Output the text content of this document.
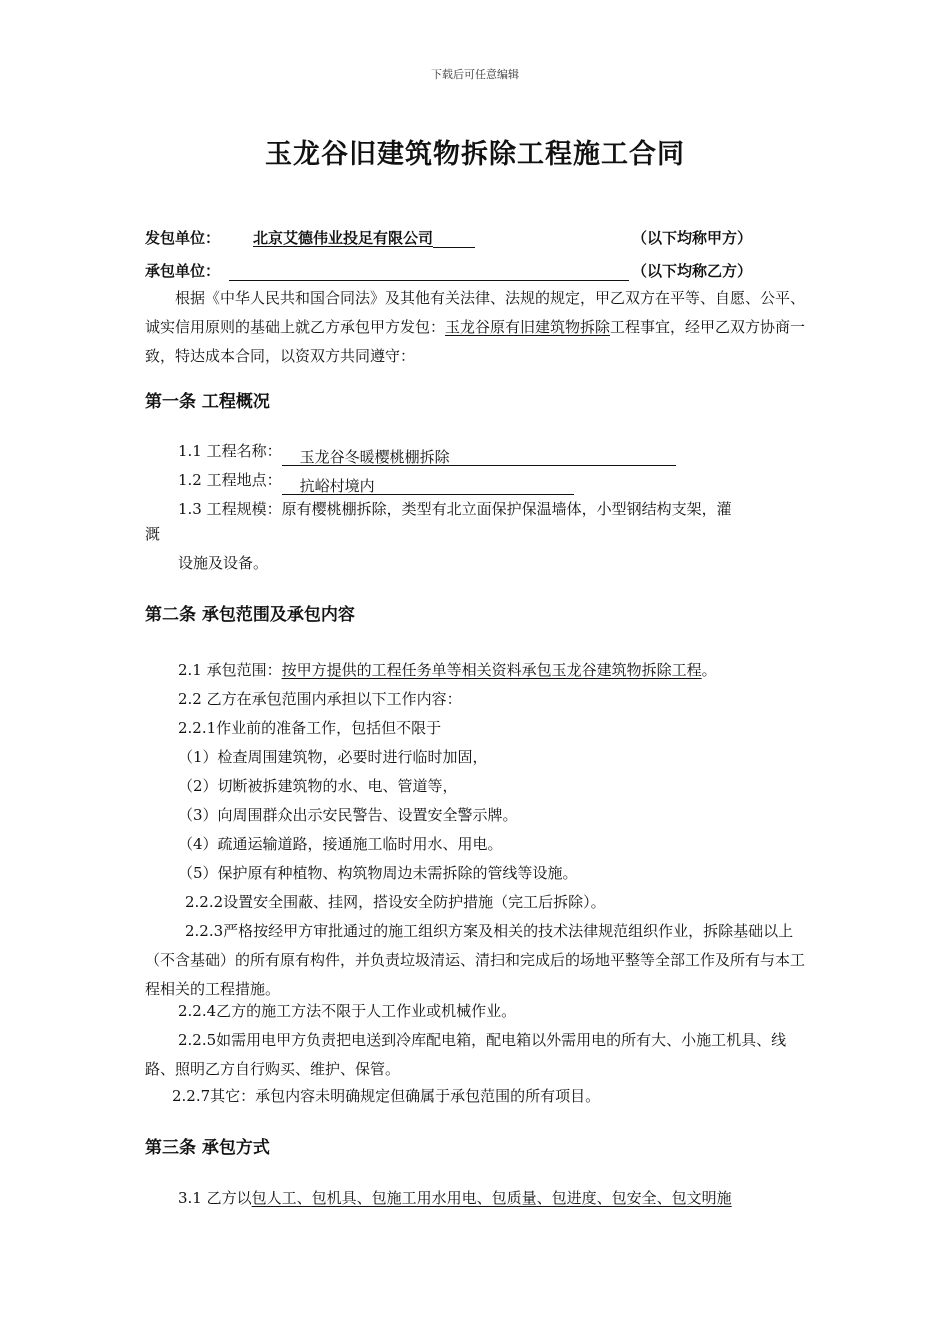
下载后可任意编辑
玉龙谷旧建筑物拆除工程施工合同
发包单位： 北京艾德伟业投足有限公司	（以下均称甲方）
承包单位：	（以下均称乙方）
根据《中华人民共和国合同法》及其他有关法律、法规的规定，甲乙双方在平等、自愿、公平、诚实信用原则的基础上就乙方承包甲方发包：玉龙谷原有旧建筑物拆除工程事宜，经甲乙双方协商一致，特达成本合同，以资双方共同遵守：
第一条 工程概况
1.1 工程名称： 玉龙谷冬暖樱桃棚拆除
1.2 工程地点： 抗峪村境内
1.3 工程规模：原有樱桃棚拆除，类型有北立面保护保温墙体，小型钢结构支架，灌
溉
设施及设备。
第二条 承包范围及承包内容
2.1 承包范围：按甲方提供的工程任务单等相关资料承包玉龙谷建筑物拆除工程。
2.2 乙方在承包范围内承担以下工作内容：
2.2.1作业前的准备工作，包括但不限于
（1）检查周围建筑物，必要时进行临时加固，
（2）切断被拆建筑物的水、电、管道等，
（3）向周围群众出示安民警告、设置安全警示牌。
（4）疏通运输道路，接通施工临时用水、用电。
（5）保护原有种植物、构筑物周边未需拆除的管线等设施。
2.2.2设置安全围蔽、挂网，搭设安全防护措施（完工后拆除）。
2.2.3严格按经甲方审批通过的施工组织方案及相关的技术法律规范组织作业，拆除基础以上（不含基础）的所有原有构件，并负责垃圾清运、清扫和完成后的场地平整等全部工作及所有与本工程相关的工程措施。
2.2.4乙方的施工方法不限于人工作业或机械作业。
2.2.5如需用电甲方负责把电送到冷库配电箱，配电箱以外需用电的所有大、小施工机具、线路、照明乙方自行购买、维护、保管。
2.2.7其它：承包内容未明确规定但确属于承包范围的所有项目。
第三条 承包方式
3.1 乙方以包人工、包机具、包施工用水用电、包质量、包进度、包安全、包文明施
